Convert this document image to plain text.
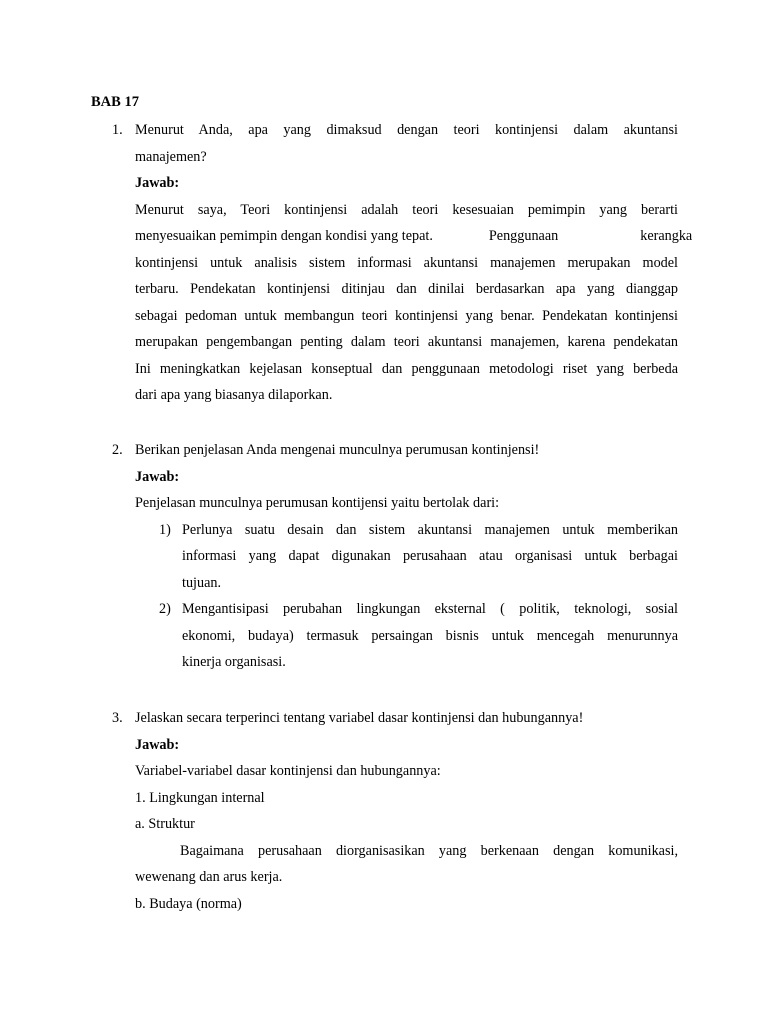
BAB 17
1. Menurut Anda, apa yang dimaksud dengan teori kontinjensi dalam akuntansi

manajemen?

Jawab:

Menurut saya, Teori kontinjensi adalah teori kesesuaian pemimpin yang berarti

menyesuaikan pemimpin dengan kondisi yang tepat.	Penggunaan	kerangka

kontinjensi untuk analisis sistem informasi akuntansi manajemen merupakan model

terbaru. Pendekatan kontinjensi ditinjau dan dinilai berdasarkan apa yang dianggap

sebagai pedoman untuk membangun teori kontinjensi yang benar. Pendekatan kontinjensi

merupakan pengembangan penting dalam teori akuntansi manajemen, karena pendekatan

Ini meningkatkan kejelasan konseptual dan penggunaan metodologi riset yang berbeda

dari apa yang biasanya dilaporkan.

2. Berikan penjelasan Anda mengenai munculnya perumusan kontinjensi!

Jawab:

Penjelasan munculnya perumusan kontijensi yaitu bertolak dari:

1) Perlunya suatu desain dan sistem akuntansi manajemen untuk memberikan

informasi yang dapat digunakan perusahaan atau organisasi untuk berbagai

tujuan.

2) Mengantisipasi perubahan lingkungan eksternal ( politik, teknologi, sosial

ekonomi, budaya) termasuk persaingan bisnis untuk mencegah menurunnya

kinerja organisasi.

3. Jelaskan secara terperinci tentang variabel dasar kontinjensi dan hubungannya!

Jawab:

Variabel-variabel dasar kontinjensi dan hubungannya:

1. Lingkungan internal

a. Struktur

Bagaimana perusahaan diorganisasikan yang berkenaan dengan komunikasi,

wewenang dan arus kerja.

b. Budaya (norma)
